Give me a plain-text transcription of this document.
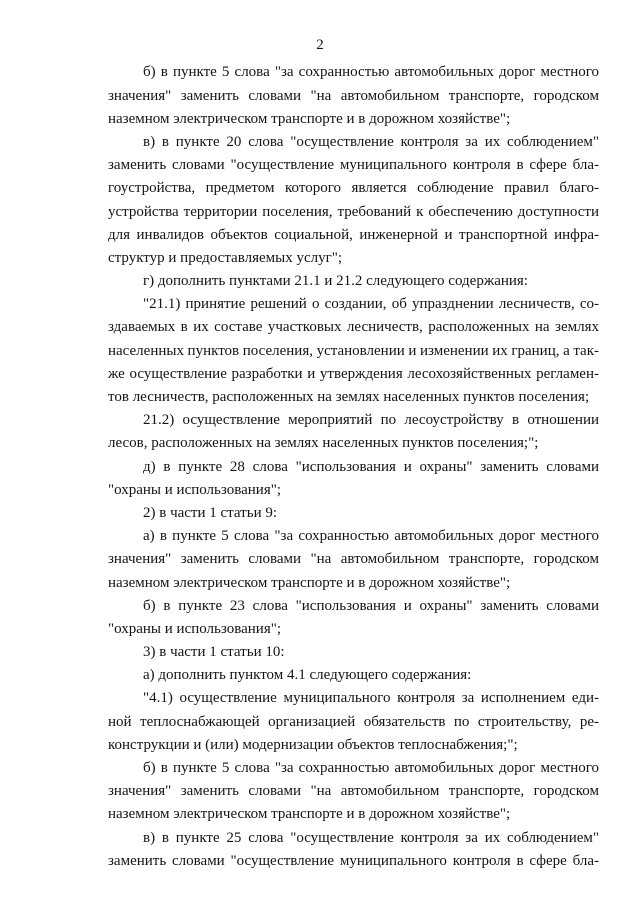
2
б) в пункте 5 слова "за сохранностью автомобильных дорог местного
значения" заменить словами "на автомобильном транспорте, городском
наземном электрическом транспорте и в дорожном хозяйстве";
в) в пункте 20 слова "осуществление контроля за их соблюдением"
заменить словами "осуществление муниципального контроля в сфере бла-
гоустройства, предметом которого является соблюдение правил благо-
устройства территории поселения, требований к обеспечению доступности
для инвалидов объектов социальной, инженерной и транспортной инфра-
структур и предоставляемых услуг";
г) дополнить пунктами 21.1 и 21.2 следующего содержания:
"21.1) принятие решений о создании, об упразднении лесничеств, со-
здаваемых в их составе участковых лесничеств, расположенных на землях
населенных пунктов поселения, установлении и изменении их границ, а так-
же осуществление разработки и утверждения лесохозяйственных регламен-
тов лесничеств, расположенных на землях населенных пунктов поселения;
21.2) осуществление мероприятий по лесоустройству в отношении
лесов, расположенных на землях населенных пунктов поселения;";
д) в пункте 28 слова "использования и охраны" заменить словами
"охраны и использования";
2) в части 1 статьи 9:
а) в пункте 5 слова "за сохранностью автомобильных дорог местного
значения" заменить словами "на автомобильном транспорте, городском
наземном электрическом транспорте и в дорожном хозяйстве";
б) в пункте 23 слова "использования и охраны" заменить словами
"охраны и использования";
3) в части 1 статьи 10:
а) дополнить пунктом 4.1 следующего содержания:
"4.1) осуществление муниципального контроля за исполнением еди-
ной теплоснабжающей организацией обязательств по строительству, ре-
конструкции и (или) модернизации объектов теплоснабжения;";
б) в пункте 5 слова "за сохранностью автомобильных дорог местного
значения" заменить словами "на автомобильном транспорте, городском
наземном электрическом транспорте и в дорожном хозяйстве";
в) в пункте 25 слова "осуществление контроля за их соблюдением"
заменить словами "осуществление муниципального контроля в сфере бла-
